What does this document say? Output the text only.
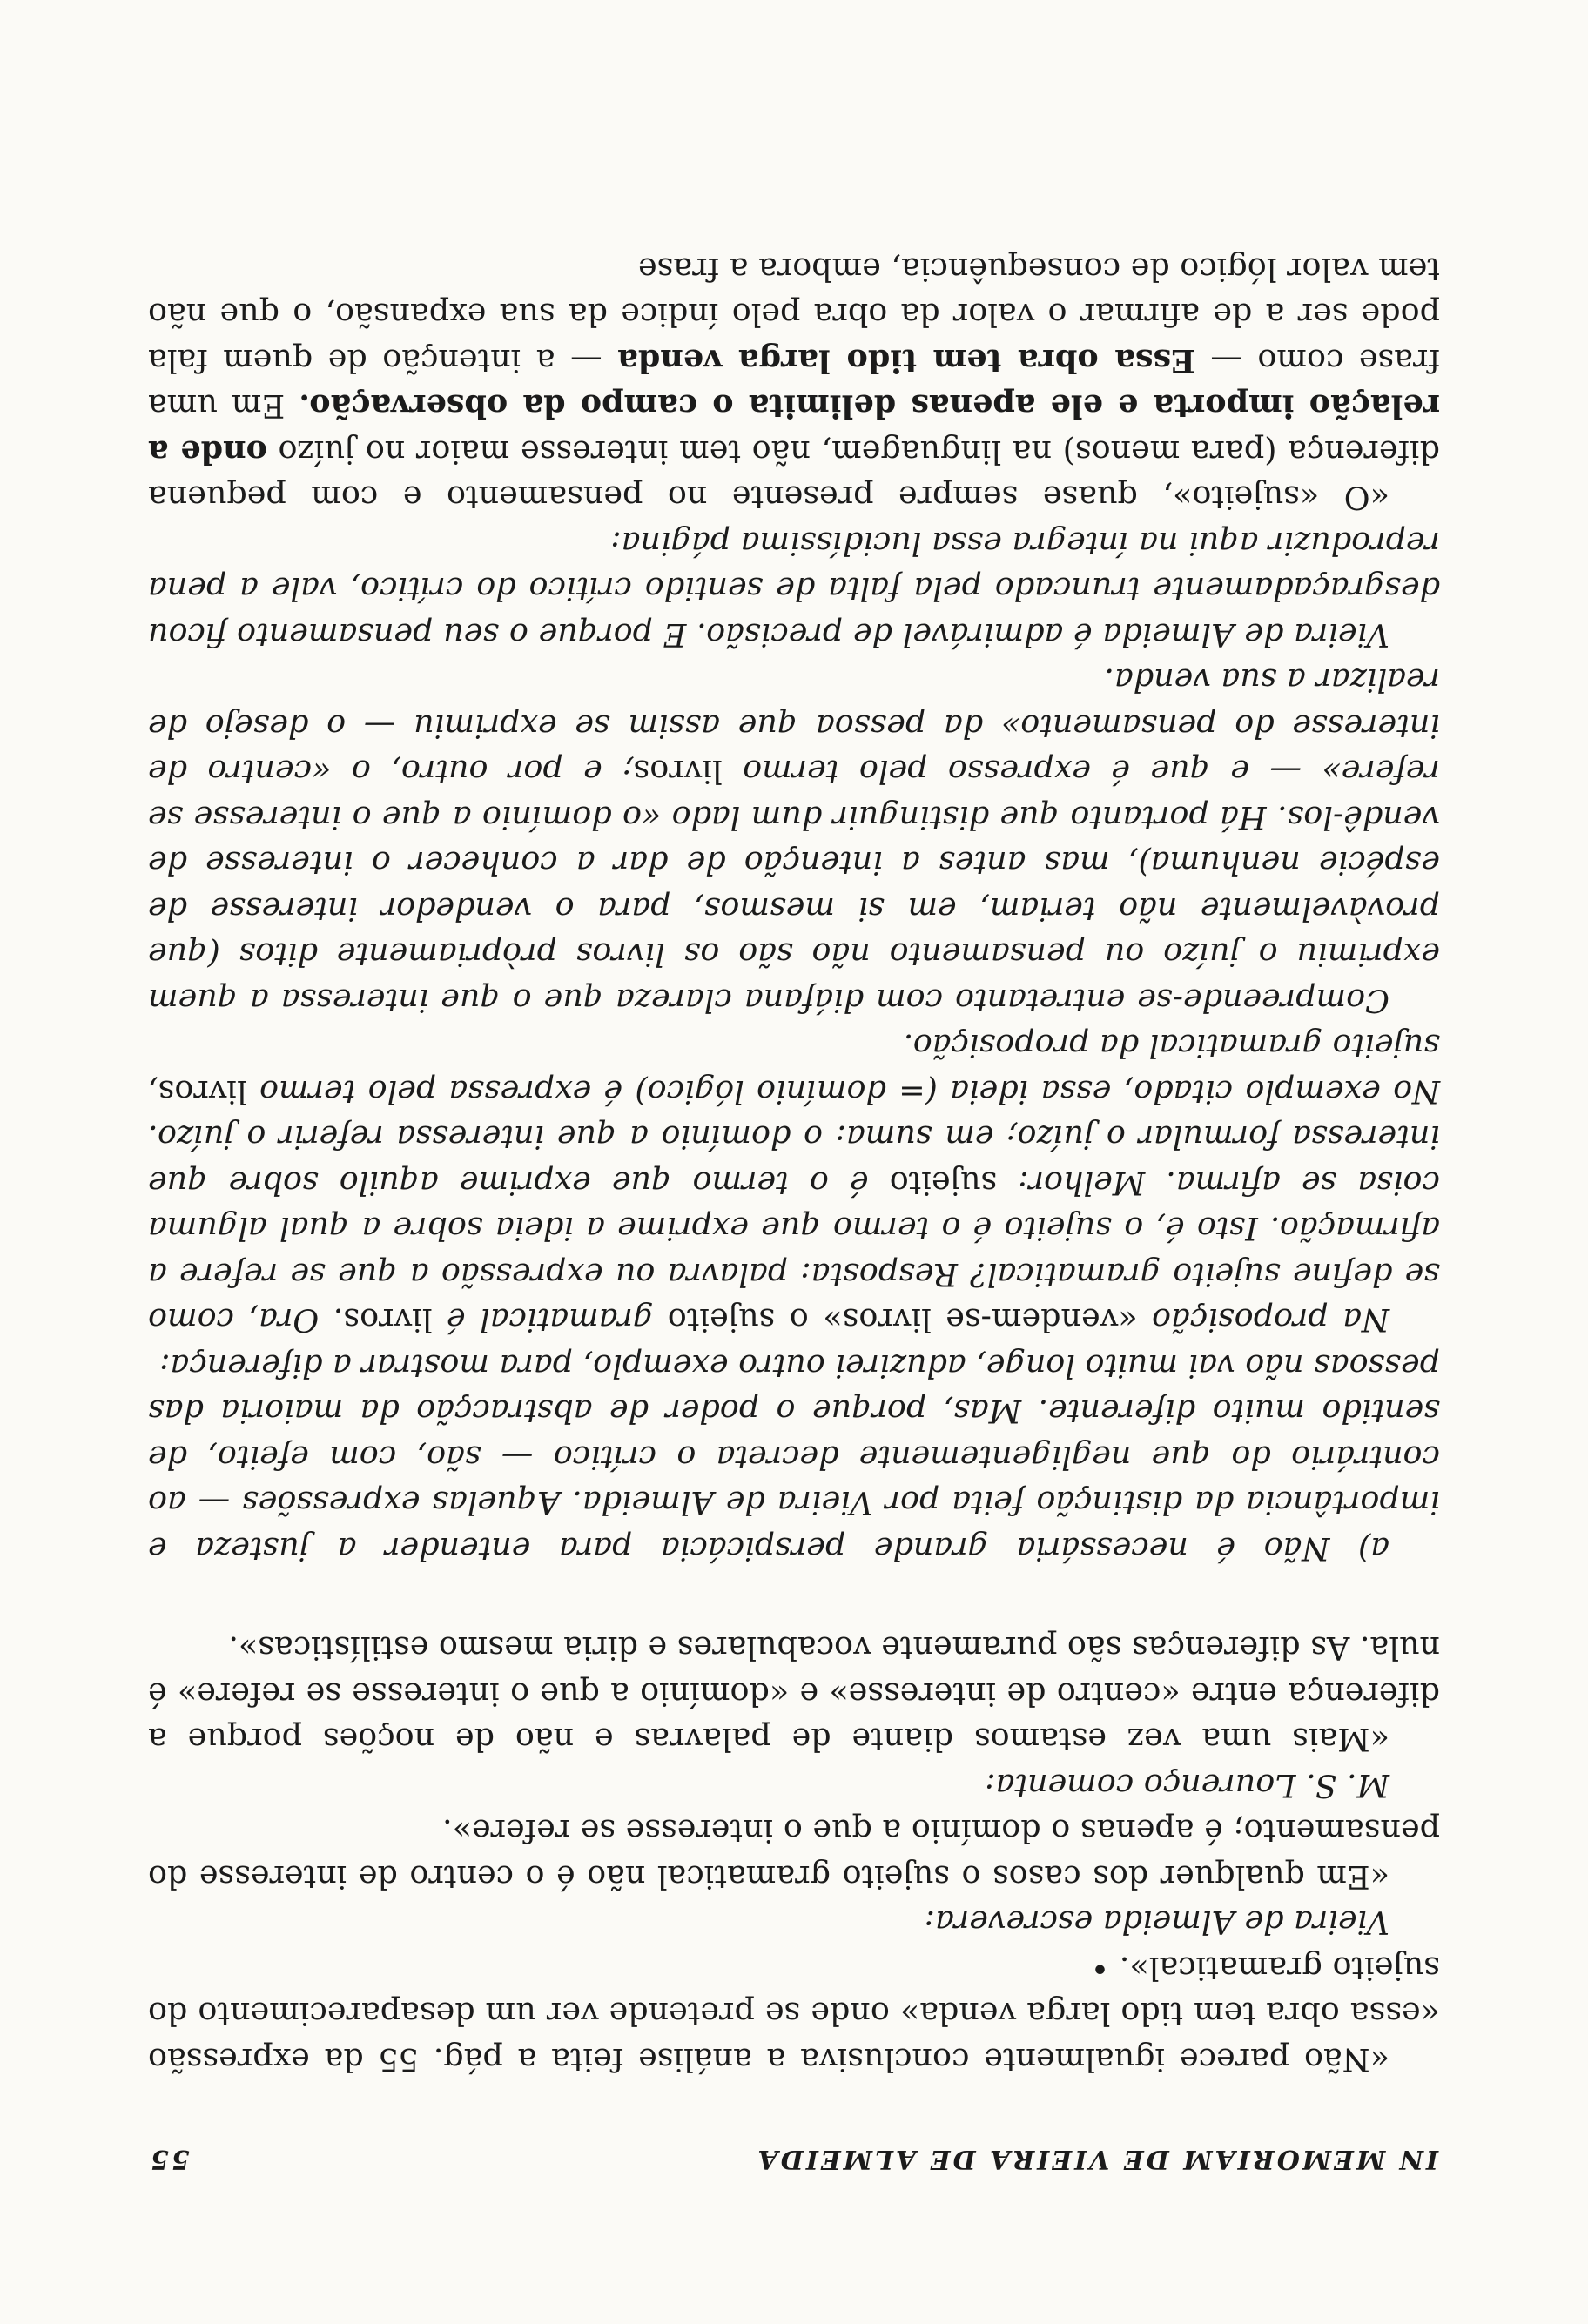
IN MEMORIAM DE VIEIRA DE ALMEIDA
55

«Não parece igualmente conclusiva a análise feita a pág. 55 da expressão «essa obra tem tido larga venda» onde se pretende ver um desaparecimento do sujeito gramatical». •

Vieira de Almeida escrevera:

«Em qualquer dos casos o sujeito gramatical não é o centro de interesse do pensamento; é apenas o domínio a que o interesse se refere».

M. S. Lourenço comenta:

«Mais uma vez estamos diante de palavras e não de noções porque a diferença entre «centro de interesse» e «domínio a que o interesse se refere» é nula. As diferenças são puramente vocabulares e diria mesmo estilísticas».

a) Não é necessária grande perspicácia para entender a justeza e importância da distinção feita por Vieira de Almeida. Aquelas expressões — ao contrário do que negligentemente decreta o crítico — são, com efeito, de sentido muito diferente. Mas, porque o poder de abstracção da maioria das pessoas não vai muito longe, aduzirei outro exemplo, para mostrar a diferença:

Na proposição «vendem-se livros» o sujeito gramatical é livros. Ora, como se define sujeito gramatical? Resposta: palavra ou expressão a que se refere a afirmação. Isto é, o sujeito é o termo que exprime a ideia sobre a qual alguma coisa se afirma. Melhor: sujeito é o termo que exprime aquilo sobre que interessa formular o juízo; em suma: o domínio a que interessa referir o juízo. No exemplo citado, essa ideia (= domínio lógico) é expressa pelo termo livros, sujeito gramatical da proposição.

Compreende-se entretanto com diáfana clareza que o que interessa a quem exprimiu o juízo ou pensamento não são os livros pròpriamente ditos (que provàvelmente não teriam, em si mesmos, para o vendedor interesse de espécie nenhuma), mas antes a intenção de dar a conhecer o interesse de vendê-los. Há portanto que distinguir dum lado «o domínio a que o interesse se refere» — e que é expresso pelo termo livros; e por outro, o «centro de interesse do pensamento» da pessoa que assim se exprimiu — o desejo de realizar a sua venda.

Vieira de Almeida é admirável de precisão. E porque o seu pensamento ficou desgraçadamente truncado pela falta de sentido crítico do crítico, vale a pena reproduzir aqui na íntegra essa lucidíssima página:

«O «sujeito», quase sempre presente no pensamento e com pequena diferença (para menos) na linguagem, não tem interesse maior no juízo onde a relação importa e ele apenas delimita o campo da observação. Em uma frase como — Essa obra tem tido larga venda — a intenção de quem fala pode ser a de afirmar o valor da obra pelo índice da sua expansão, o que não tem valor lógico de consequência, embora a frase
